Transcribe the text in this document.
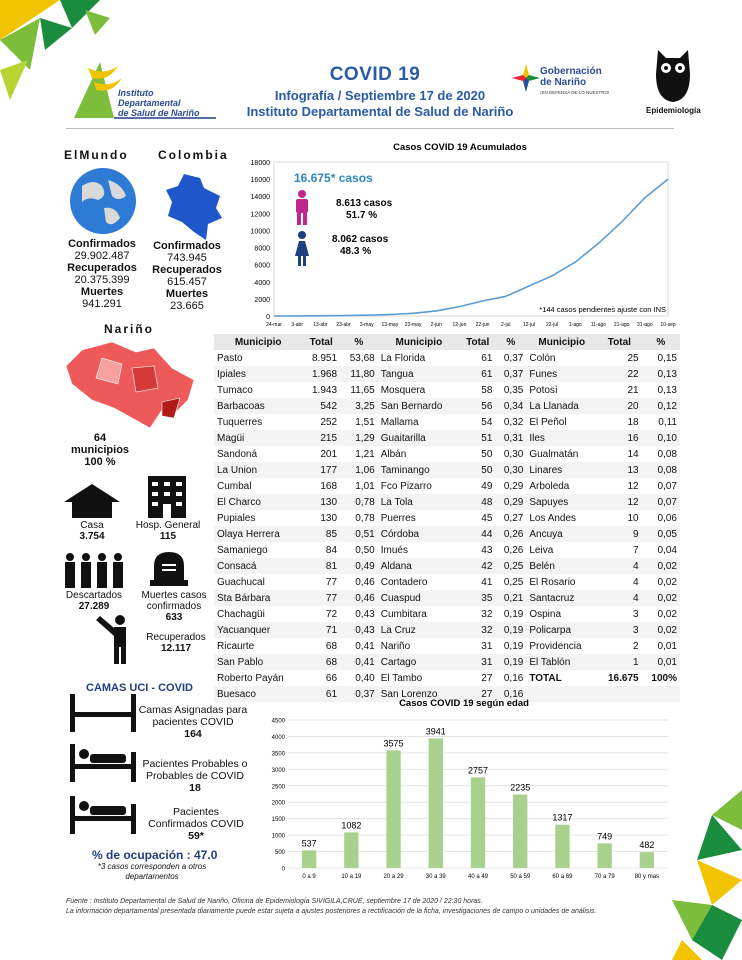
Instituto
Departamental
de Salud de Nariño
COVID 19
Infografía / Septiembre 17 de 2020
Instituto Departamental de Salud de Nariño
Gobernación
de Nariño
¡EN DEFENSA DE LO NUESTRO!
Epidemiología
ElMundo Colombia
Confirmados
29.902.487
Recuperados
20.375.399
Muertes
941.291
Confirmados
743.945
Recuperados
615.457
Muertes
23.665
Casos COVID 19 Acumulados
0
2000
4000
6000
8000
10000
12000
14000
16000
18000
24-mar 3-abr 13-abr 23-abr 3-may 13-may 23-may 2-jun 12-jun 22-jun 2-jul 12-jul 22-jul 1-ago 11-ago 21-ago 31-ago 10-sep
16.675* casos
8.613 casos
51.7 %
8.062 casos
48.3 %
*144 casos pendientes ajuste con INS
Nariño
64
municipios
100 %
Casa
3.754
Hosp. General
115
Descartados
27.289
Muertes casos confirmados
633
Recuperados
12.117
Municipio	Total	%	Municipio	Total	%	Municipio	Total	%
Pasto	8.951	53,68	La Florida	61	0,37	Colón	25	0,15
Ipiales	1.968	11,80	Tangua	61	0,37	Funes	22	0,13
Tumaco	1.943	11,65	Mosquera	58	0,35	Potosí	21	0,13
Barbacoas	542	3,25	San Bernardo	56	0,34	La Llanada	20	0,12
Tuquerres	252	1,51	Mallama	54	0,32	El Peñol	18	0,11
Magüi	215	1,29	Guaitarilla	51	0,31	Iles	16	0,10
Sandoná	201	1,21	Albán	50	0,30	Gualmatán	14	0,08
La Union	177	1,06	Taminango	50	0,30	Linares	13	0,08
Cumbal	168	1,01	Fco Pizarro	49	0,29	Arboleda	12	0,07
El Charco	130	0,78	La Tola	48	0,29	Sapuyes	12	0,07
Pupiales	130	0,78	Puerres	45	0,27	Los Andes	10	0,06
Olaya Herrera	85	0,51	Córdoba	44	0,26	Ancuya	9	0,05
Samaniego	84	0,50	Imués	43	0,26	Leiva	7	0,04
Consacá	81	0,49	Aldana	42	0,25	Belén	4	0,02
Guachucal	77	0,46	Contadero	41	0,25	El Rosario	4	0,02
Sta Bárbara	77	0,46	Cuaspud	35	0,21	Santacruz	4	0,02
Chachagüi	72	0,43	Cumbitara	32	0,19	Ospina	3	0,02
Yacuanquer	71	0,43	La Cruz	32	0,19	Policarpa	3	0,02
Ricaurte	68	0,41	Nariño	31	0,19	Providencia	2	0,01
San Pablo	68	0,41	Cartago	31	0,19	El Tablón	1	0,01
Roberto Payán	66	0,40	El Tambo	27	0,16	TOTAL	16.675	100%
Buesaco	61	0,37	San Lorenzo	27	0,16			
CAMAS UCI - COVID
Camas Asignadas para pacientes COVID
164
Pacientes Probables o Probables de COVID
18
Pacientes Confirmados COVID
59*
% de ocupación : 47.0
*3 casos corresponden a otros departamentos
Casos COVID 19 según edad
0
500
1000
1500
2000
2500
3000
3500
4000
4500
537
0 a 9
1082
10 a 19
3575
20 a 29
3941
30 a 39
2757
40 a 49
2235
50 a 59
1317
60 a 69
749
70 a 79
482
80 y mas
Fuente : Instituto Departamental de Salud de Nariño, Oficina de Epidemiología SIVIGILA,CRUE, septiembre 17 de 2020 / 22:30 horas.
La información departamental presentada diariamente puede estar sujeta a ajustes posteriores a rectificación de la ficha, investigaciones de campo o unidades de análisis.
